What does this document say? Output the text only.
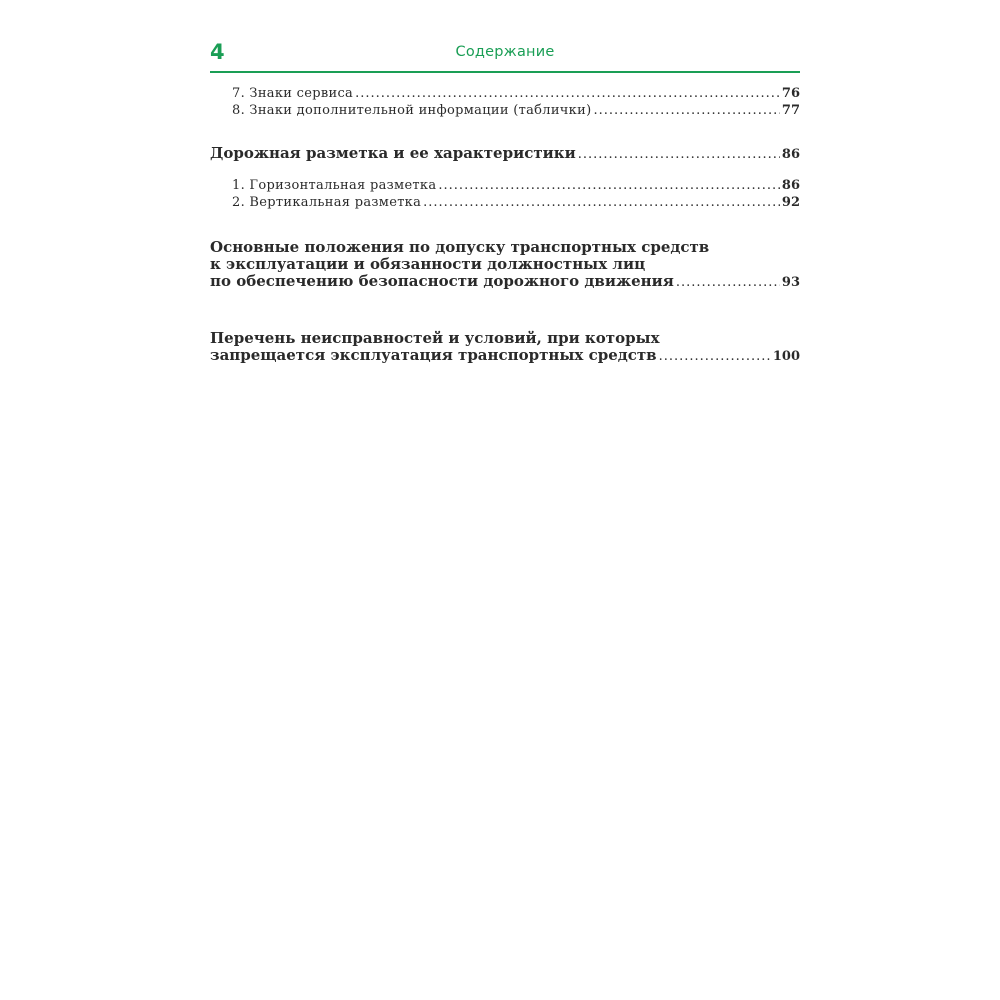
4	Содержание
7. Знаки сервиса .....	76
8. Знаки дополнительной информации (таблички) .....	77
Дорожная разметка и ее характеристики .....	86
1. Горизонтальная разметка .....	86
2. Вертикальная разметка .....	92
Основные положения по допуску транспортных средств
к эксплуатации и обязанности должностных лиц
по обеспечению безопасности дорожного движения .....	93
Перечень неисправностей и условий, при которых
запрещается эксплуатация транспортных средств .....	100
